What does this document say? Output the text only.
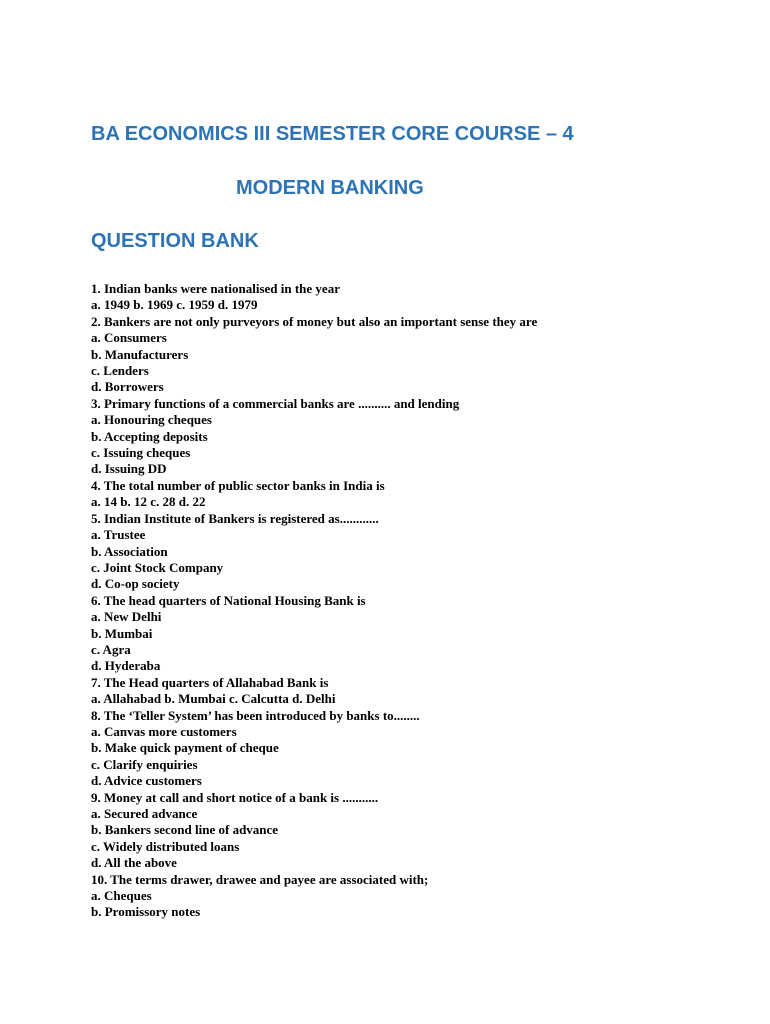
BA ECONOMICS III SEMESTER CORE COURSE – 4
MODERN BANKING
QUESTION BANK
1. Indian banks were nationalised in the year
a. 1949 b. 1969 c. 1959 d. 1979
2. Bankers are not only purveyors of money but also an important sense they are
a. Consumers
b. Manufacturers
c. Lenders
d. Borrowers
3. Primary functions of a commercial banks are .......... and lending
a. Honouring cheques
b. Accepting deposits
c. Issuing cheques
d. Issuing DD
4. The total number of public sector banks in India is
a. 14 b. 12 c. 28 d. 22
5. Indian Institute of Bankers is registered as............
a. Trustee
b. Association
c. Joint Stock Company
d. Co-op society
6. The head quarters of National Housing Bank is
a. New Delhi
b. Mumbai
c. Agra
d. Hyderaba
7. The Head quarters of Allahabad Bank is
a. Allahabad b. Mumbai c. Calcutta d. Delhi
8. The ‘Teller System’ has been introduced by banks to........
a. Canvas more customers
b. Make quick payment of cheque
c. Clarify enquiries
d. Advice customers
9. Money at call and short notice of a bank is ...........
a. Secured advance
b. Bankers second line of advance
c. Widely distributed loans
d. All the above
10. The terms drawer, drawee and payee are associated with;
a. Cheques
b. Promissory notes
